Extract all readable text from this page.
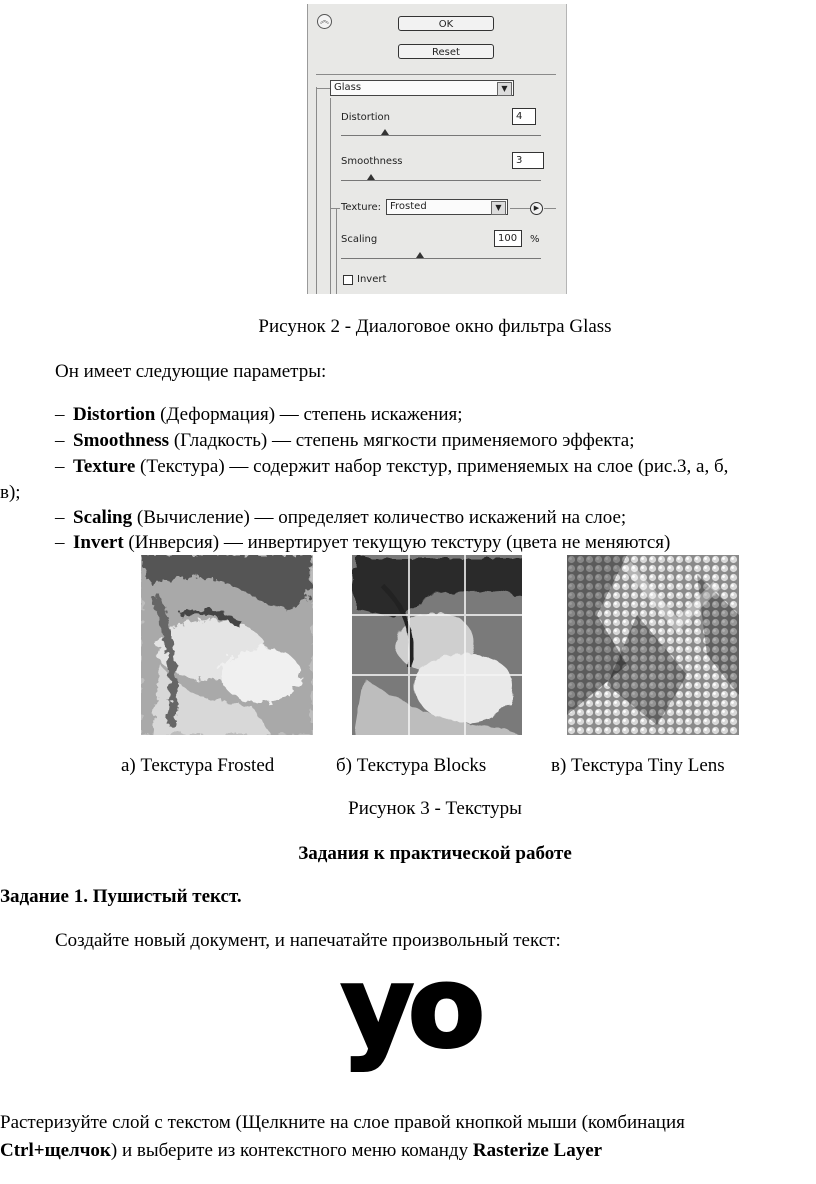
︽	OK
Reset
Glass	▼
Distortion	4
Smoothness	3
Texture: Frosted	▼	▶
Scaling	100	%
Invert
Рисунок 2 - Диалоговое окно фильтра Glass
Он имеет следующие параметры:
– Distortion (Деформация) — степень искажения;
– Smoothness (Гладкость) — степень мягкости применяемого эффекта;
– Texture (Текстура) — содержит набор текстур, применяемых на слое (рис.3, а, б,
в);
– Scaling (Вычисление) — определяет количество искажений на слое;
– Invert (Инверсия) — инвертирует текущую текстуру (цвета не меняются)
а) Текстура Frosted	б) Текстура Blocks	в) Текстура Tiny Lens
Рисунок 3 - Текстуры
Задания к практической работе
Задание 1. Пушистый текст.
Создайте новый документ, и напечатайте произвольный текст:
yo
Растеризуйте слой с текстом (Щелкните на слое правой кнопкой мыши (комбинация
Ctrl+щелчок) и выберите из контекстного меню команду Rasterize Layer
